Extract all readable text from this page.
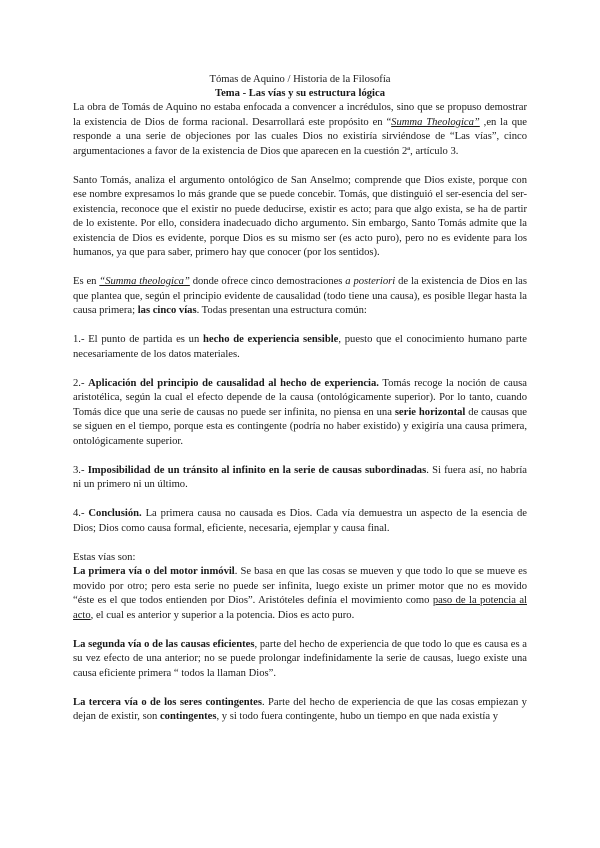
Tómas de Aquino / Historia de la Filosofía
Tema - Las vías y su estructura lógica

La obra de Tomás de Aquino no estaba enfocada a convencer a incrédulos, sino que se propuso demostrar la existencia de Dios de forma racional. Desarrollará este propósito en “Summa Theologica” ,en la que responde a una serie de objeciones por las cuales Dios no existiría sirviéndose de “Las vías”, cinco argumentaciones a favor de la existencia de Dios que aparecen en la cuestión 2ª, artículo 3.

Santo Tomás, analiza el argumento ontológico de San Anselmo; comprende que Dios existe, porque con ese nombre expresamos lo más grande que se puede concebir. Tomás, que distinguió el ser-esencia del ser-existencia, reconoce que el existir no puede deducirse, existir es acto; para que algo exista, se ha de partir de lo existente. Por ello, considera inadecuado dicho argumento. Sin embargo, Santo Tomás admite que la existencia de Dios es evidente, porque Dios es su mismo ser (es acto puro), pero no es evidente para los humanos, ya que para saber, primero hay que conocer (por los sentidos).

Es en “Summa theologica” donde ofrece cinco demostraciones a posteriori de la existencia de Dios en las que plantea que, según el principio evidente de causalidad (todo tiene una causa), es posible llegar hasta la causa primera; las cinco vías. Todas presentan una estructura común:

1.- El punto de partida es un hecho de experiencia sensible, puesto que el conocimiento humano parte necesariamente de los datos materiales.

2.- Aplicación del principio de causalidad al hecho de experiencia. Tomás recoge la noción de causa aristotélica, según la cual el efecto depende de la causa (ontológicamente superior). Por lo tanto, cuando Tomás dice que una serie de causas no puede ser infinita, no piensa en una serie horizontal de causas que se siguen en el tiempo, porque esta es contingente (podría no haber existido) y exigiría una causa primera, ontológicamente superior.

3.- Imposibilidad de un tránsito al infinito en la serie de causas subordinadas. Si fuera así, no habría ni un primero ni un último.

4.- Conclusión. La primera causa no causada es Dios. Cada vía demuestra un aspecto de la esencia de Dios; Dios como causa formal, eficiente, necesaria, ejemplar y causa final.

Estas vías son:

La primera vía o del motor inmóvil. Se basa en que las cosas se mueven y que todo lo que se mueve es movido por otro; pero esta serie no puede ser infinita, luego existe un primer motor que no es movido “éste es el que todos entienden por Dios”. Aristóteles definía el movimiento como paso de la potencia al acto, el cual es anterior y superior a la potencia. Dios es acto puro.

La segunda vía o de las causas eficientes, parte del hecho de experiencia de que todo lo que es causa es a su vez efecto de una anterior; no se puede prolongar indefinidamente la serie de causas, luego existe una causa eficiente primera “ todos la llaman Dios”.

La tercera vía o de los seres contingentes. Parte del hecho de experiencia de que las cosas empiezan y dejan de existir, son contingentes, y si todo fuera contingente, hubo un tiempo en que nada existía y
